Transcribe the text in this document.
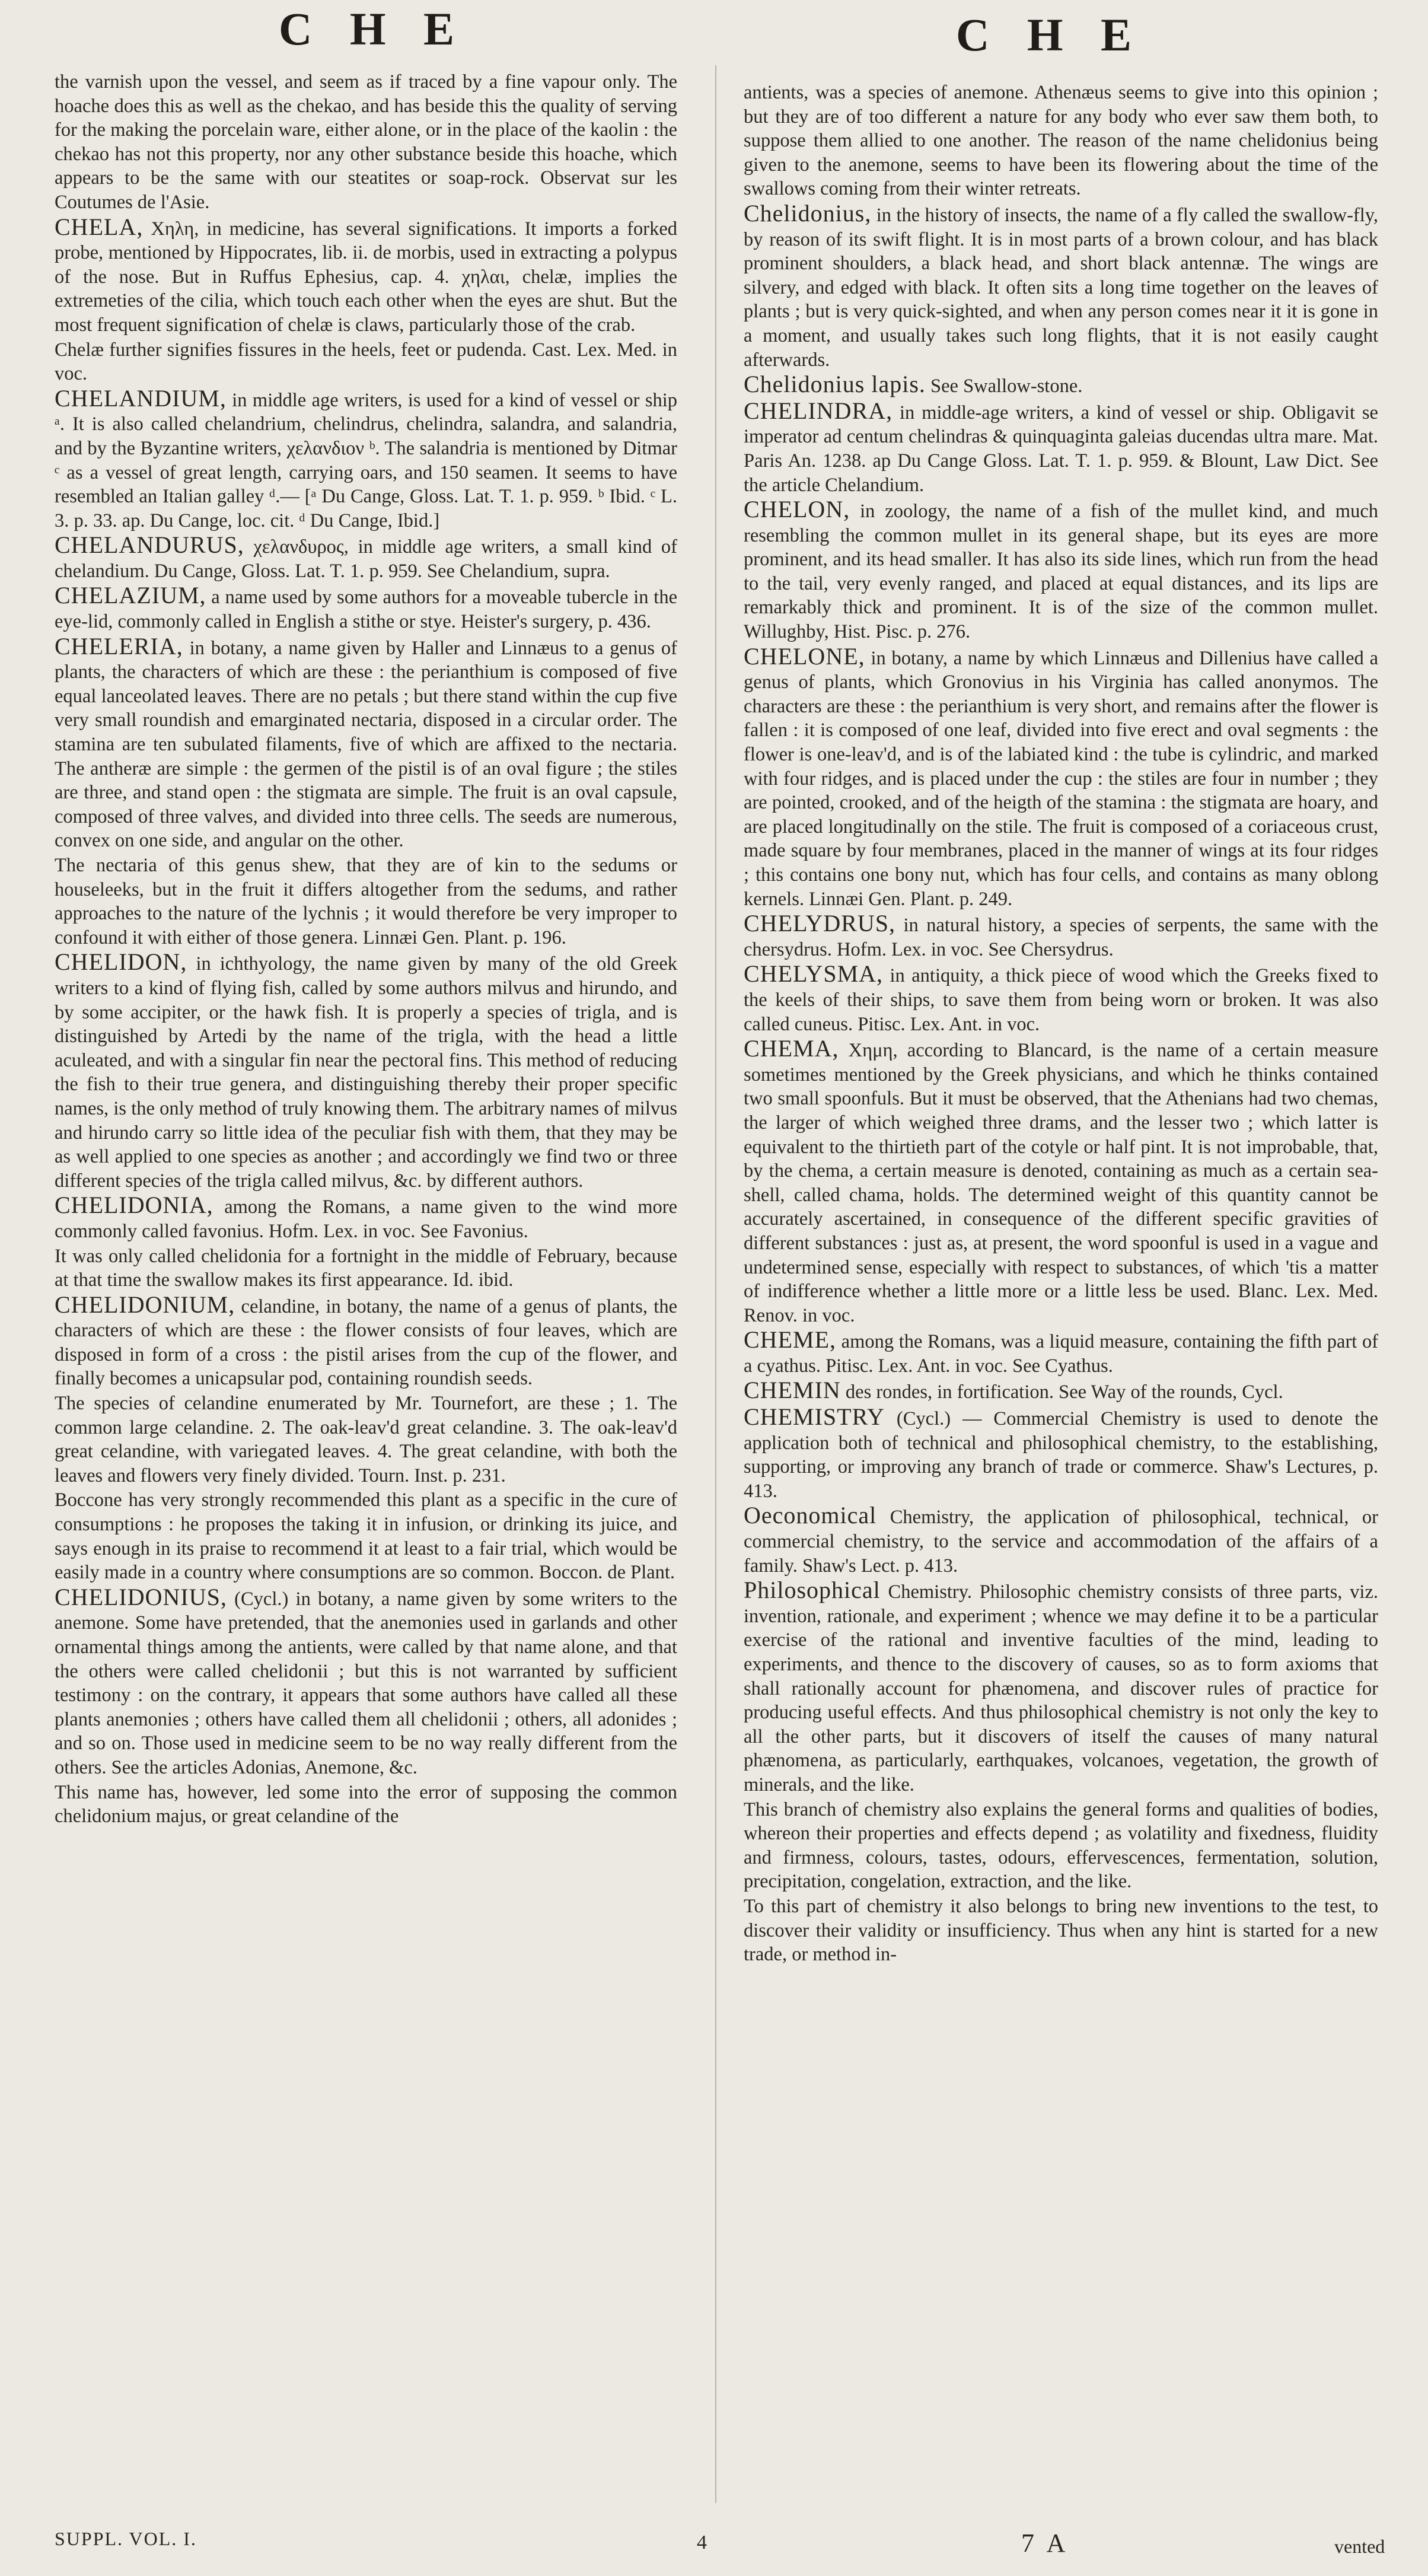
C H E	C H E
the varnish upon the vessel, and seem as if traced by a fine vapour only. The hoache does this as well as the chekao, and has beside this the quality of serving for the making the porcelain ware, either alone, or in the place of the kaolin : the chekao has not this property, nor any other substance beside this hoache, which appears to be the same with our steatites or soap-rock. Observat sur les Coutumes de l'Asie.
CHELA, Χηλη, in medicine, has several significations. It imports a forked probe, mentioned by Hippocrates, lib. ii. de morbis, used in extracting a polypus of the nose. But in Ruffus Ephesius, cap. 4. χηλαι, chelæ, implies the extremeties of the cilia, which touch each other when the eyes are shut. But the most frequent signification of chelæ is claws, particularly those of the crab.
Chelæ further signifies fissures in the heels, feet or pudenda. Cast. Lex. Med. in voc.
CHELANDIUM, in middle age writers, is used for a kind of vessel or ship ᵃ. It is also called chelandrium, chelindrus, chelindra, salandra, and salandria, and by the Byzantine writers, χελανδιον ᵇ. The salandria is mentioned by Ditmar ᶜ as a vessel of great length, carrying oars, and 150 seamen. It seems to have resembled an Italian galley ᵈ.— [ᵃ Du Cange, Gloss. Lat. T. 1. p. 959. ᵇ Ibid. ᶜ L. 3. p. 33. ap. Du Cange, loc. cit. ᵈ Du Cange, Ibid.]
CHELANDURUS, χελανδυρος, in middle age writers, a small kind of chelandium. Du Cange, Gloss. Lat. T. 1. p. 959. See Chelandium, supra.
CHELAZIUM, a name used by some authors for a moveable tubercle in the eye-lid, commonly called in English a stithe or stye. Heister's surgery, p. 436.
CHELERIA, in botany, a name given by Haller and Linnæus to a genus of plants, the characters of which are these : the perianthium is composed of five equal lanceolated leaves. There are no petals ; but there stand within the cup five very small roundish and emarginated nectaria, disposed in a circular order. The stamina are ten subulated filaments, five of which are affixed to the nectaria. The antheræ are simple : the germen of the pistil is of an oval figure ; the stiles are three, and stand open : the stigmata are simple. The fruit is an oval capsule, composed of three valves, and divided into three cells. The seeds are numerous, convex on one side, and angular on the other.
The nectaria of this genus shew, that they are of kin to the sedums or houseleeks, but in the fruit it differs altogether from the sedums, and rather approaches to the nature of the lychnis ; it would therefore be very improper to confound it with either of those genera. Linnæi Gen. Plant. p. 196.
CHELIDON, in ichthyology, the name given by many of the old Greek writers to a kind of flying fish, called by some authors milvus and hirundo, and by some accipiter, or the hawk fish. It is properly a species of trigla, and is distinguished by Artedi by the name of the trigla, with the head a little aculeated, and with a singular fin near the pectoral fins. This method of reducing the fish to their true genera, and distinguishing thereby their proper specific names, is the only method of truly knowing them. The arbitrary names of milvus and hirundo carry so little idea of the peculiar fish with them, that they may be as well applied to one species as another ; and accordingly we find two or three different species of the trigla called milvus, &c. by different authors.
CHELIDONIA, among the Romans, a name given to the wind more commonly called favonius. Hofm. Lex. in voc. See Favonius.
It was only called chelidonia for a fortnight in the middle of February, because at that time the swallow makes its first appearance. Id. ibid.
CHELIDONIUM, celandine, in botany, the name of a genus of plants, the characters of which are these : the flower consists of four leaves, which are disposed in form of a cross : the pistil arises from the cup of the flower, and finally becomes a unicapsular pod, containing roundish seeds.
The species of celandine enumerated by Mr. Tournefort, are these ; 1. The common large celandine. 2. The oak-leav'd great celandine. 3. The oak-leav'd great celandine, with variegated leaves. 4. The great celandine, with both the leaves and flowers very finely divided. Tourn. Inst. p. 231.
Boccone has very strongly recommended this plant as a specific in the cure of consumptions : he proposes the taking it in infusion, or drinking its juice, and says enough in its praise to recommend it at least to a fair trial, which would be easily made in a country where consumptions are so common. Boccon. de Plant.
CHELIDONIUS, (Cycl.) in botany, a name given by some writers to the anemone. Some have pretended, that the anemonies used in garlands and other ornamental things among the antients, were called by that name alone, and that the others were called chelidonii ; but this is not warranted by sufficient testimony : on the contrary, it appears that some authors have called all these plants anemonies ; others have called them all chelidonii ; others, all adonides ; and so on. Those used in medicine seem to be no way really different from the others. See the articles Adonias, Anemone, &c.
This name has, however, led some into the error of supposing the common chelidonium majus, or great celandine of the
antients, was a species of anemone. Athenæus seems to give into this opinion ; but they are of too different a nature for any body who ever saw them both, to suppose them allied to one another. The reason of the name chelidonius being given to the anemone, seems to have been its flowering about the time of the swallows coming from their winter retreats.
Chelidonius, in the history of insects, the name of a fly called the swallow-fly, by reason of its swift flight. It is in most parts of a brown colour, and has black prominent shoulders, a black head, and short black antennæ. The wings are silvery, and edged with black. It often sits a long time together on the leaves of plants ; but is very quick-sighted, and when any person comes near it it is gone in a moment, and usually takes such long flights, that it is not easily caught afterwards.
Chelidonius lapis. See Swallow-stone.
CHELINDRA, in middle-age writers, a kind of vessel or ship. Obligavit se imperator ad centum chelindras & quinquaginta galeias ducendas ultra mare. Mat. Paris An. 1238. ap Du Cange Gloss. Lat. T. 1. p. 959. & Blount, Law Dict. See the article Chelandium.
CHELON, in zoology, the name of a fish of the mullet kind, and much resembling the common mullet in its general shape, but its eyes are more prominent, and its head smaller. It has also its side lines, which run from the head to the tail, very evenly ranged, and placed at equal distances, and its lips are remarkably thick and prominent. It is of the size of the common mullet. Willughby, Hist. Pisc. p. 276.
CHELONE, in botany, a name by which Linnæus and Dillenius have called a genus of plants, which Gronovius in his Virginia has called anonymos. The characters are these : the perianthium is very short, and remains after the flower is fallen : it is composed of one leaf, divided into five erect and oval segments : the flower is one-leav'd, and is of the labiated kind : the tube is cylindric, and marked with four ridges, and is placed under the cup : the stiles are four in number ; they are pointed, crooked, and of the heigth of the stamina : the stigmata are hoary, and are placed longitudinally on the stile. The fruit is composed of a coriaceous crust, made square by four membranes, placed in the manner of wings at its four ridges ; this contains one bony nut, which has four cells, and contains as many oblong kernels. Linnæi Gen. Plant. p. 249.
CHELYDRUS, in natural history, a species of serpents, the same with the chersydrus. Hofm. Lex. in voc. See Chersydrus.
CHELYSMA, in antiquity, a thick piece of wood which the Greeks fixed to the keels of their ships, to save them from being worn or broken. It was also called cuneus. Pitisc. Lex. Ant. in voc.
CHEMA, Χημη, according to Blancard, is the name of a certain measure sometimes mentioned by the Greek physicians, and which he thinks contained two small spoonfuls. But it must be observed, that the Athenians had two chemas, the larger of which weighed three drams, and the lesser two ; which latter is equivalent to the thirtieth part of the cotyle or half pint. It is not improbable, that, by the chema, a certain measure is denoted, containing as much as a certain sea-shell, called chama, holds. The determined weight of this quantity cannot be accurately ascertained, in consequence of the different specific gravities of different substances : just as, at present, the word spoonful is used in a vague and undetermined sense, especially with respect to substances, of which 'tis a matter of indifference whether a little more or a little less be used. Blanc. Lex. Med. Renov. in voc.
CHEME, among the Romans, was a liquid measure, containing the fifth part of a cyathus. Pitisc. Lex. Ant. in voc. See Cyathus.
CHEMIN des rondes, in fortification. See Way of the rounds, Cycl.
CHEMISTRY (Cycl.) — Commercial Chemistry is used to denote the application both of technical and philosophical chemistry, to the establishing, supporting, or improving any branch of trade or commerce. Shaw's Lectures, p. 413.
Oeconomical Chemistry, the application of philosophical, technical, or commercial chemistry, to the service and accommodation of the affairs of a family. Shaw's Lect. p. 413.
Philosophical Chemistry. Philosophic chemistry consists of three parts, viz. invention, rationale, and experiment ; whence we may define it to be a particular exercise of the rational and inventive faculties of the mind, leading to experiments, and thence to the discovery of causes, so as to form axioms that shall rationally account for phænomena, and discover rules of practice for producing useful effects. And thus philosophical chemistry is not only the key to all the other parts, but it discovers of itself the causes of many natural phænomena, as particularly, earthquakes, volcanoes, vegetation, the growth of minerals, and the like.
This branch of chemistry also explains the general forms and qualities of bodies, whereon their properties and effects depend ; as volatility and fixedness, fluidity and firmness, colours, tastes, odours, effervescences, fermentation, solution, precipitation, congelation, extraction, and the like.
To this part of chemistry it also belongs to bring new inventions to the test, to discover their validity or insufficiency. Thus when any hint is started for a new trade, or method in-
4	7 A	vented
SUPPL. VOL. I.
